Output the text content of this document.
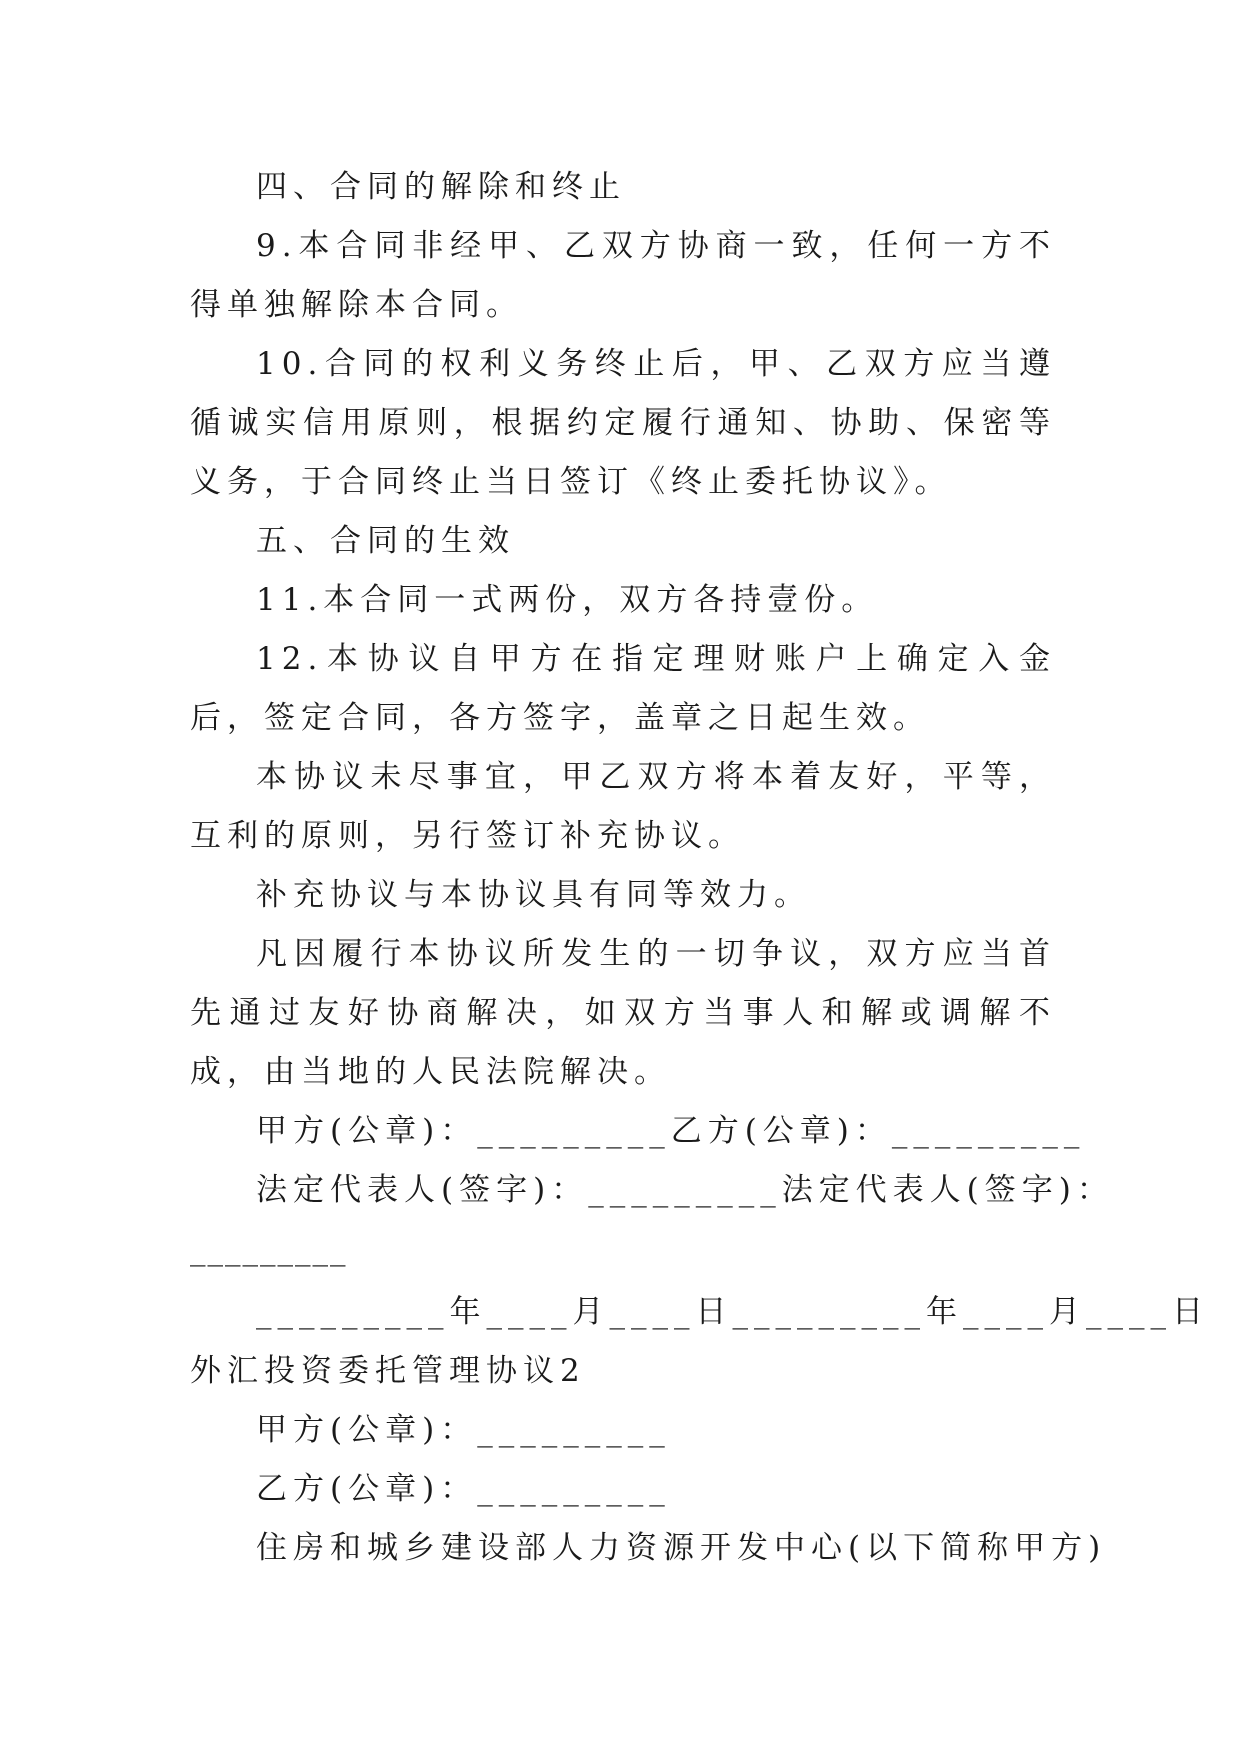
四、合同的解除和终止

9.本合同非经甲、乙双方协商一致，任何一方不得单独解除本合同。

10.合同的权利义务终止后，甲、乙双方应当遵循诚实信用原则，根据约定履行通知、协助、保密等义务，于合同终止当日签订《终止委托协议》。

五、合同的生效

11.本合同一式两份，双方各持壹份。

12.本协议自甲方在指定理财账户上确定入金后，签定合同，各方签字，盖章之日起生效。

本协议未尽事宜，甲乙双方将本着友好，平等，互利的原则，另行签订补充协议。

补充协议与本协议具有同等效力。

凡因履行本协议所发生的一切争议，双方应当首先通过友好协商解决，如双方当事人和解或调解不成，由当地的人民法院解决。

甲方(公章)：_________乙方(公章)：_________

法定代表人(签字)：_________法定代表人(签字)：

_________

_________年____月____日_________年____月____日

外汇投资委托管理协议2

甲方(公章)：_________

乙方(公章)：_________

住房和城乡建设部人力资源开发中心(以下简称甲方)
